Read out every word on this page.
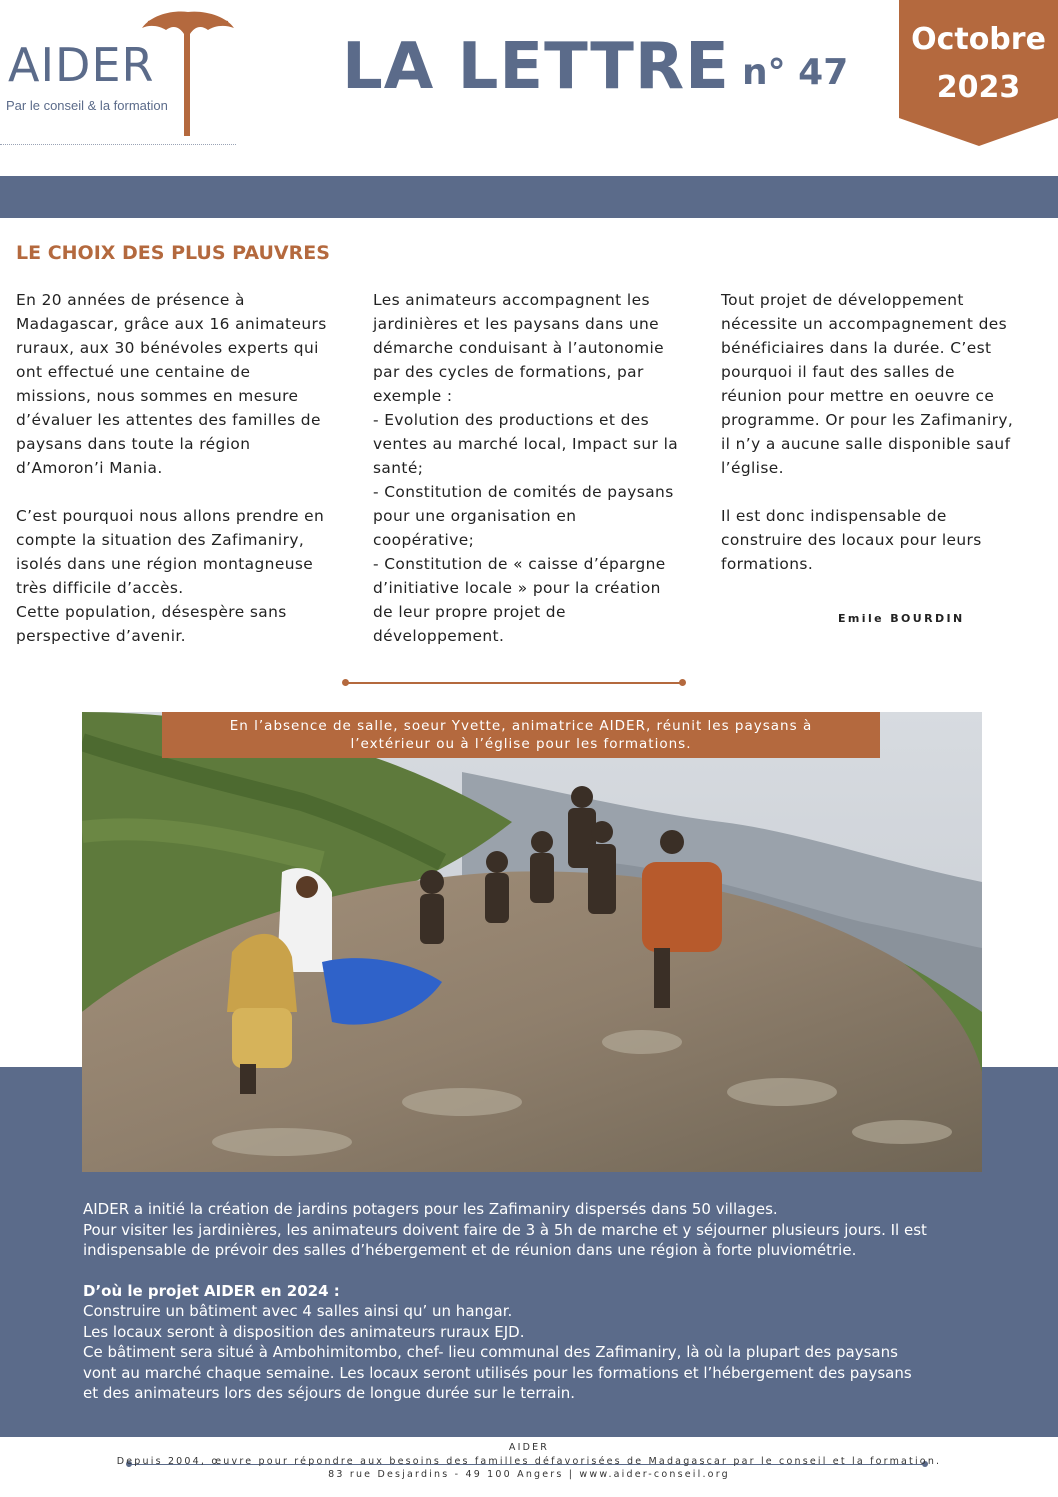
AIDER
Par le conseil & la formation
LA LETTRE n° 47
Octobre
2023
LE CHOIX DES PLUS PAUVRES

En 20 années de présence à
Madagascar, grâce aux 16 animateurs
ruraux, aux 30 bénévoles experts qui
ont effectué une centaine de
missions, nous sommes en mesure
d’évaluer les attentes des familles de
paysans dans toute la région
d’Amoron’i Mania.

C’est pourquoi nous allons prendre en
compte la situation des Zafimaniry,
isolés dans une région montagneuse
très difficile d’accès.
Cette population, désespère sans
perspective d’avenir.

Les animateurs accompagnent les
jardinières et les paysans dans une
démarche conduisant à l’autonomie
par des cycles de formations, par
exemple :
- Evolution des productions et des
ventes au marché local, Impact sur la
santé;
- Constitution de comités de paysans
pour une organisation en
coopérative;
- Constitution de « caisse d’épargne
d’initiative locale » pour la création
de leur propre projet de
développement.

Tout projet de développement
nécessite un accompagnement des
bénéficiaires dans la durée. C’est
pourquoi il faut des salles de
réunion pour mettre en oeuvre ce
programme. Or pour les Zafimaniry,
il n’y a aucune salle disponible sauf
l’église.

Il est donc indispensable de
construire des locaux pour leurs
formations.

Emile BOURDIN

En l’absence de salle, soeur Yvette, animatrice AIDER, réunit les paysans à
l’extérieur ou à l’église pour les formations.

AIDER a initié la création de jardins potagers pour les Zafimaniry dispersés dans 50 villages.
Pour visiter les jardinières, les animateurs doivent faire de 3 à 5h de marche et y séjourner plusieurs jours. Il est
indispensable de prévoir des salles d’hébergement et de réunion dans une région à forte pluviométrie.

D’où le projet AIDER en 2024 :

Construire un bâtiment avec 4 salles ainsi qu’ un hangar.
Les locaux seront à disposition des animateurs ruraux EJD.
Ce bâtiment sera situé à Ambohimitombo, chef- lieu communal des Zafimaniry, là où la plupart des paysans
vont au marché chaque semaine. Les locaux seront utilisés pour les formations et l’hébergement des paysans
et des animateurs lors des séjours de longue durée sur le terrain.

AIDER
Depuis 2004, œuvre pour répondre aux besoins des familles défavorisées de Madagascar par le conseil et la formation.
83 rue Desjardins - 49 100 Angers | www.aider-conseil.org
